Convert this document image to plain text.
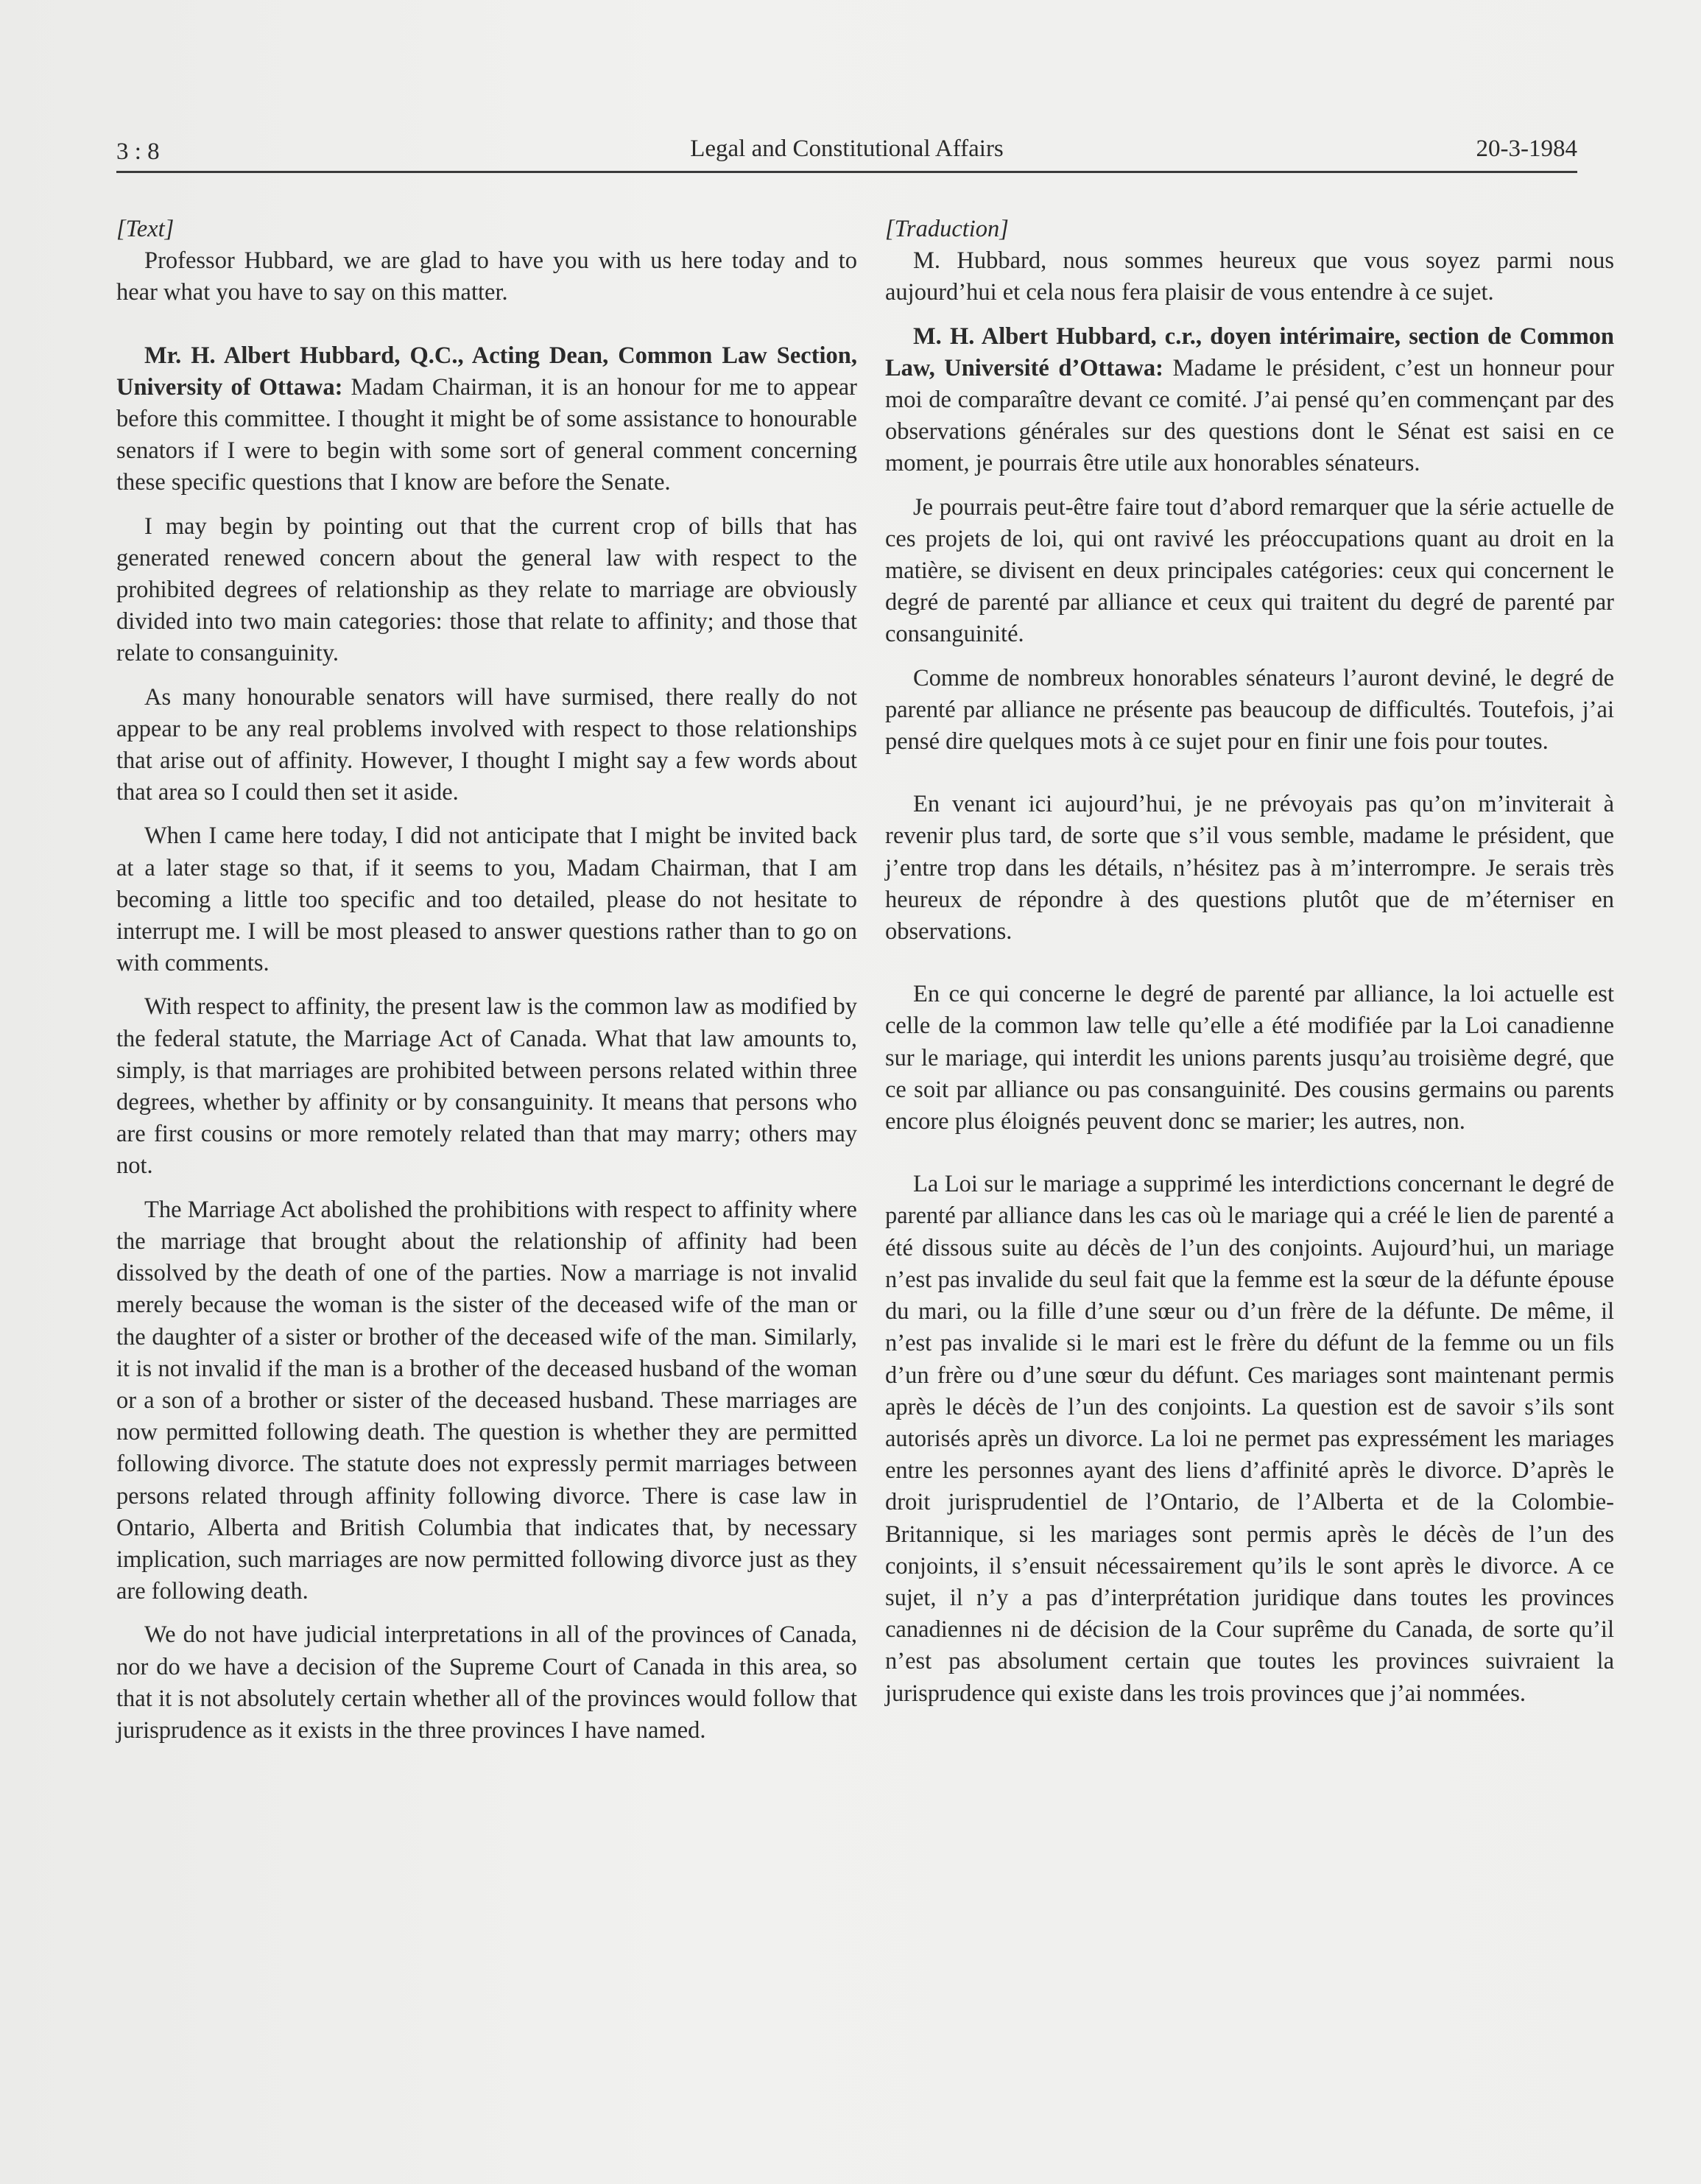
3 : 8	Legal and Constitutional Affairs	20-3-1984

[Text]

Professor Hubbard, we are glad to have you with us here today and to hear what you have to say on this matter.

Mr. H. Albert Hubbard, Q.C., Acting Dean, Common Law Section, University of Ottawa: Madam Chairman, it is an honour for me to appear before this committee. I thought it might be of some assistance to honourable senators if I were to begin with some sort of general comment concerning these specific questions that I know are before the Senate.

I may begin by pointing out that the current crop of bills that has generated renewed concern about the general law with respect to the prohibited degrees of relationship as they relate to marriage are obviously divided into two main categories: those that relate to affinity; and those that relate to consanguinity.

As many honourable senators will have surmised, there really do not appear to be any real problems involved with respect to those relationships that arise out of affinity. However, I thought I might say a few words about that area so I could then set it aside.

When I came here today, I did not anticipate that I might be invited back at a later stage so that, if it seems to you, Madam Chairman, that I am becoming a little too specific and too detailed, please do not hesitate to interrupt me. I will be most pleased to answer questions rather than to go on with comments.

With respect to affinity, the present law is the common law as modified by the federal statute, the Marriage Act of Canada. What that law amounts to, simply, is that marriages are prohibited between persons related within three degrees, whether by affinity or by consanguinity. It means that persons who are first cousins or more remotely related than that may marry; others may not.

The Marriage Act abolished the prohibitions with respect to affinity where the marriage that brought about the relationship of affinity had been dissolved by the death of one of the parties. Now a marriage is not invalid merely because the woman is the sister of the deceased wife of the man or the daughter of a sister or brother of the deceased wife of the man. Similarly, it is not invalid if the man is a brother of the deceased husband of the woman or a son of a brother or sister of the deceased husband. These marriages are now permitted following death. The question is whether they are permitted following divorce. The statute does not expressly permit marriages between persons related through affinity following divorce. There is case law in Ontario, Alberta and British Columbia that indicates that, by necessary implication, such marriages are now permitted following divorce just as they are following death.

We do not have judicial interpretations in all of the provinces of Canada, nor do we have a decision of the Supreme Court of Canada in this area, so that it is not absolutely certain whether all of the provinces would follow that jurisprudence as it exists in the three provinces I have named.

[Traduction]

M. Hubbard, nous sommes heureux que vous soyez parmi nous aujourd’hui et cela nous fera plaisir de vous entendre à ce sujet.

M. H. Albert Hubbard, c.r., doyen intérimaire, section de Common Law, Université d’Ottawa: Madame le président, c’est un honneur pour moi de comparaître devant ce comité. J’ai pensé qu’en commençant par des observations générales sur des questions dont le Sénat est saisi en ce moment, je pourrais être utile aux honorables sénateurs.

Je pourrais peut-être faire tout d’abord remarquer que la série actuelle de ces projets de loi, qui ont ravivé les préoccupations quant au droit en la matière, se divisent en deux principales catégories: ceux qui concernent le degré de parenté par alliance et ceux qui traitent du degré de parenté par consanguinité.

Comme de nombreux honorables sénateurs l’auront deviné, le degré de parenté par alliance ne présente pas beaucoup de difficultés. Toutefois, j’ai pensé dire quelques mots à ce sujet pour en finir une fois pour toutes.

En venant ici aujourd’hui, je ne prévoyais pas qu’on m’inviterait à revenir plus tard, de sorte que s’il vous semble, madame le président, que j’entre trop dans les détails, n’hésitez pas à m’interrompre. Je serais très heureux de répondre à des questions plutôt que de m’éterniser en observations.

En ce qui concerne le degré de parenté par alliance, la loi actuelle est celle de la common law telle qu’elle a été modifiée par la Loi canadienne sur le mariage, qui interdit les unions parents jusqu’au troisième degré, que ce soit par alliance ou pas consanguinité. Des cousins germains ou parents encore plus éloignés peuvent donc se marier; les autres, non.

La Loi sur le mariage a supprimé les interdictions concernant le degré de parenté par alliance dans les cas où le mariage qui a créé le lien de parenté a été dissous suite au décès de l’un des conjoints. Aujourd’hui, un mariage n’est pas invalide du seul fait que la femme est la sœur de la défunte épouse du mari, ou la fille d’une sœur ou d’un frère de la défunte. De même, il n’est pas invalide si le mari est le frère du défunt de la femme ou un fils d’un frère ou d’une sœur du défunt. Ces mariages sont maintenant permis après le décès de l’un des conjoints. La question est de savoir s’ils sont autorisés après un divorce. La loi ne permet pas expressément les mariages entre les personnes ayant des liens d’affinité après le divorce. D’après le droit jurisprudentiel de l’Ontario, de l’Alberta et de la Colombie-Britannique, si les mariages sont permis après le décès de l’un des conjoints, il s’ensuit nécessairement qu’ils le sont après le divorce. A ce sujet, il n’y a pas d’interprétation juridique dans toutes les provinces canadiennes ni de décision de la Cour suprême du Canada, de sorte qu’il n’est pas absolument certain que toutes les provinces suivraient la jurisprudence qui existe dans les trois provinces que j’ai nommées.
